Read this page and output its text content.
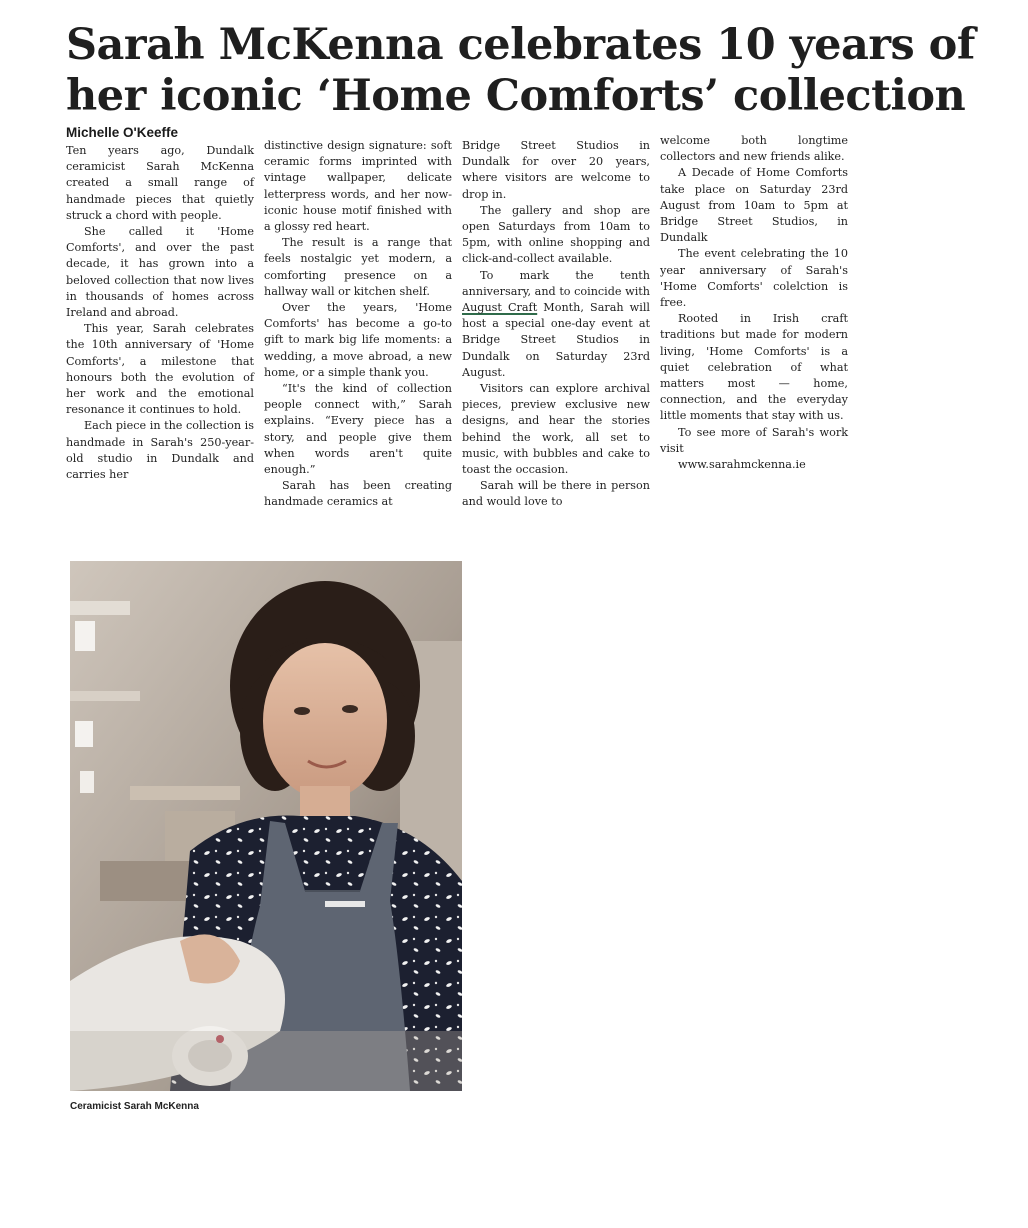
Sarah McKenna celebrates 10 years of
her iconic ‘Home Comforts’ collection
Michelle O'Keeffe

Ten years ago, Dundalk ceramicist Sarah McKenna created a small range of handmade pieces that quietly struck a chord with people.

She called it 'Home Comforts', and over the past decade, it has grown into a beloved collection that now lives in thousands of homes across Ireland and abroad.

This year, Sarah celebrates the 10th anniversary of 'Home Comforts', a milestone that honours both the evolution of her work and the emotional resonance it continues to hold.

Each piece in the collection is handmade in Sarah's 250-year-old studio in Dundalk and carries her

distinctive design signature: soft ceramic forms imprinted with vintage wallpaper, delicate letterpress words, and her now-iconic house motif finished with a glossy red heart.

The result is a range that feels nostalgic yet modern, a comforting presence on a hallway wall or kitchen shelf.

Over the years, 'Home Comforts' has become a go-to gift to mark big life moments: a wedding, a move abroad, a new home, or a simple thank you.

“It's the kind of collection people connect with,” Sarah explains. “Every piece has a story, and people give them when words aren't quite enough.”

Sarah has been creating handmade ceramics at

Bridge Street Studios in Dundalk for over 20 years, where visitors are welcome to drop in.

The gallery and shop are open Saturdays from 10am to 5pm, with online shopping and click-and-collect available.

To mark the tenth anniversary, and to coincide with August Craft Month, Sarah will host a special one-day event at Bridge Street Studios in Dundalk on Saturday 23rd August.

Visitors can explore archival pieces, preview exclusive new designs, and hear the stories behind the work, all set to music, with bubbles and cake to toast the occasion.

Sarah will be there in person and would love to

welcome both longtime collectors and new friends alike.

A Decade of Home Comforts take place on Saturday 23rd August from 10am to 5pm at Bridge Street Studios, in Dundalk

The event celebrating the 10 year anniversary of Sarah's 'Home Comforts' colelction is free.

Rooted in Irish craft traditions but made for modern living, 'Home Comforts' is a quiet celebration of what matters most — home, connection, and the everyday little moments that stay with us.

To see more of Sarah's work visit

www.sarahmckenna.ie

Ceramicist Sarah McKenna
